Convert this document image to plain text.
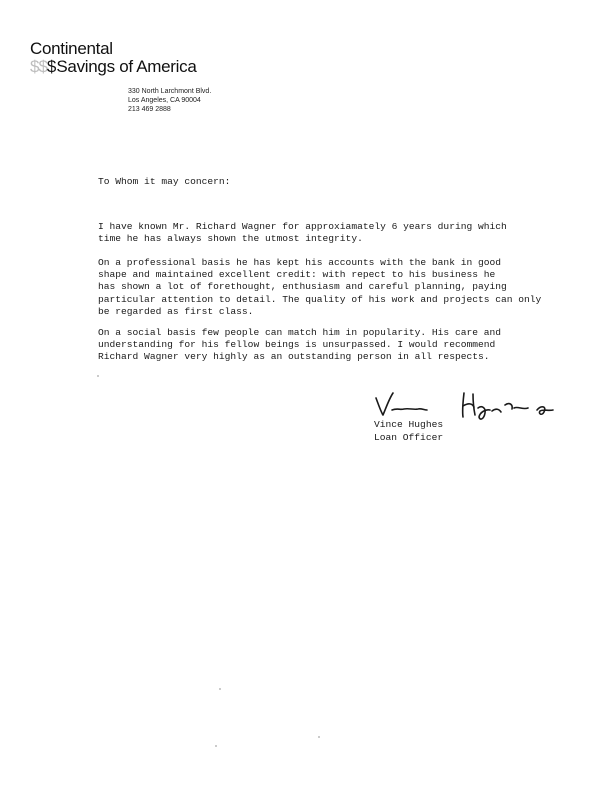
Continental
$$$Savings of America
330 North Larchmont Blvd.
Los Angeles, CA 90004
213 469 2888
To Whom it may concern:
I have known Mr. Richard Wagner for approxiamately 6 years during which
time he has always shown the utmost integrity.
On a professional basis he has kept his accounts with the bank in good
shape and maintained excellent credit: with repect to his business he
has shown a lot of forethought, enthusiasm and careful planning, paying
particular attention to detail. The quality of his work and projects can only
be regarded as first class.
On a social basis few people can match him in popularity. His care and
understanding for his fellow beings is unsurpassed. I would recommend
Richard Wagner very highly as an outstanding person in all respects.
Vince Hughes
Loan Officer
